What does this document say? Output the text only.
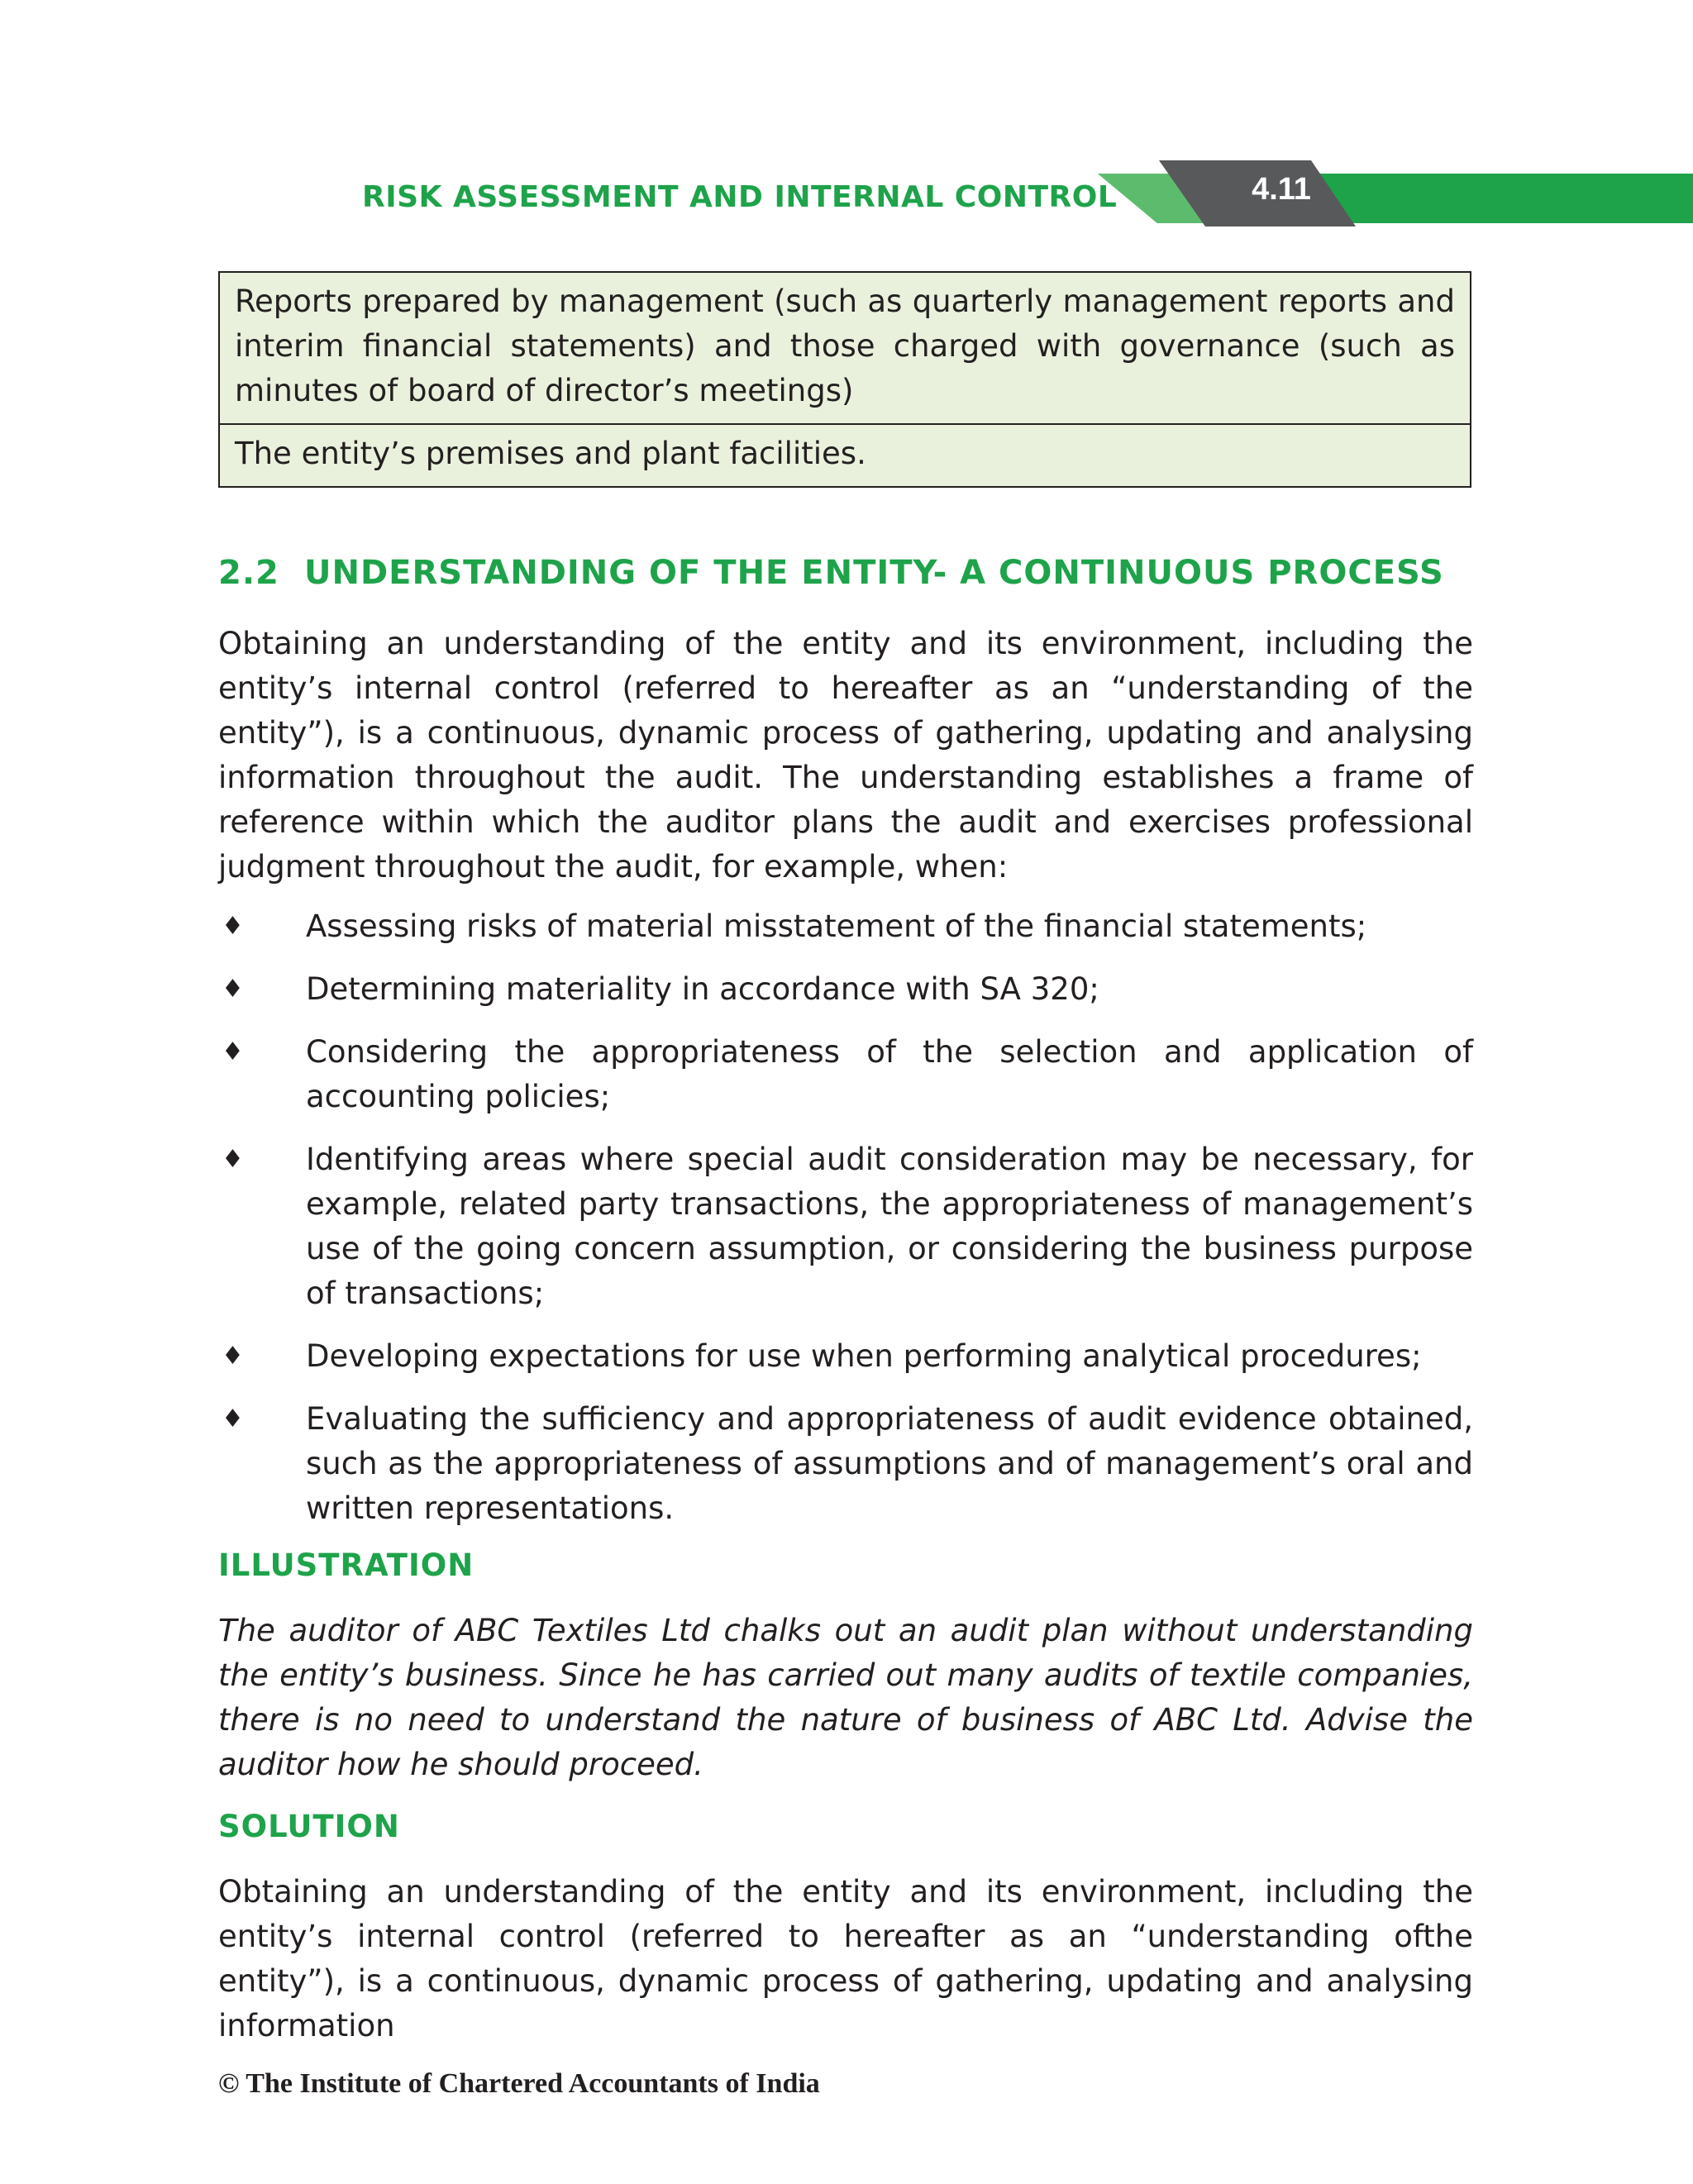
RISK ASSESSMENT AND INTERNAL CONTROL	4.11
Reports prepared by management (such as quarterly management reports and interim financial statements) and those charged with governance (such as minutes of board of director’s meetings)
The entity’s premises and plant facilities.
2.2 UNDERSTANDING OF THE ENTITY- A CONTINUOUS PROCESS

Obtaining an understanding of the entity and its environment, including the entity’s internal control (referred to hereafter as an “understanding of the entity”), is a continuous, dynamic process of gathering, updating and analysing information throughout the audit. The understanding establishes a frame of reference within which the auditor plans the audit and exercises professional judgment throughout the audit, for example, when:

♦ Assessing risks of material misstatement of the financial statements;

♦ Determining materiality in accordance with SA 320;

♦ Considering the appropriateness of the selection and application of accounting policies;

♦ Identifying areas where special audit consideration may be necessary, for example, related party transactions, the appropriateness of management’s use of the going concern assumption, or considering the business purpose of transactions;

♦ Developing expectations for use when performing analytical procedures;

♦ Evaluating the sufficiency and appropriateness of audit evidence obtained, such as the appropriateness of assumptions and of management’s oral and written representations.

ILLUSTRATION

The auditor of ABC Textiles Ltd chalks out an audit plan without understanding the entity’s business. Since he has carried out many audits of textile companies, there is no need to understand the nature of business of ABC Ltd. Advise the auditor how he should proceed.

SOLUTION

Obtaining an understanding of the entity and its environment, including the entity’s internal control (referred to hereafter as an “understanding ofthe entity”), is a continuous, dynamic process of gathering, updating and analysing information

© The Institute of Chartered Accountants of India
